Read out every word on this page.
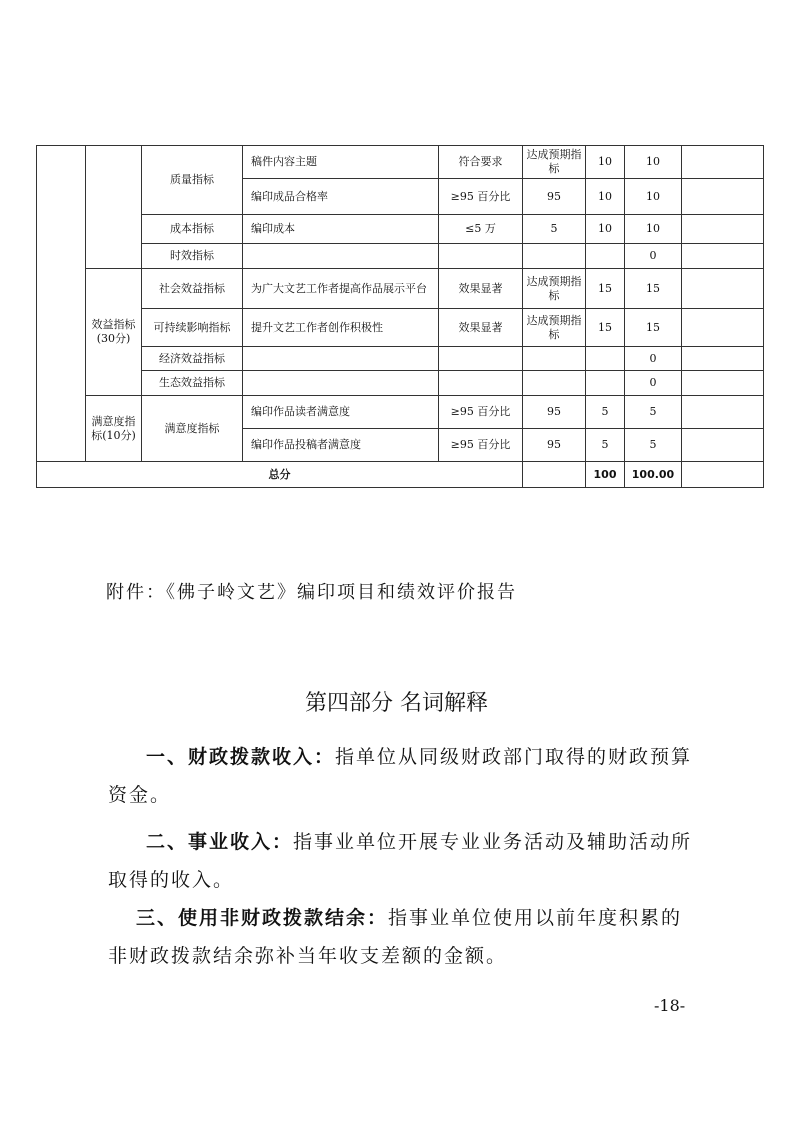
		质量指标	稿件内容主题	符合要求	达成预期指标	10	10	
			编印成品合格率	≥95 百分比	95	10	10	
		成本指标	编印成本	≤5 万	5	10	10	
		时效指标					0	
	效益指标(30分)	社会效益指标	为广大文艺工作者提高作品展示平台	效果显著	达成预期指标	15	15	
		可持续影响指标	提升文艺工作者创作积极性	效果显著	达成预期指标	15	15	
		经济效益指标					0	
		生态效益指标					0	
	满意度指标(10分)	满意度指标	编印作品读者满意度	≥95 百分比	95	5	5	
			编印作品投稿者满意度	≥95 百分比	95	5	5	
总分						100	100.00	
附件：《佛子岭文艺》编印项目和绩效评价报告
第四部分 名词解释
一、财政拨款收入：指单位从同级财政部门取得的财政预算资金。
二、事业收入：指事业单位开展专业业务活动及辅助活动所取得的收入。
三、使用非财政拨款结余：指事业单位使用以前年度积累的非财政拨款结余弥补当年收支差额的金额。
-18-
